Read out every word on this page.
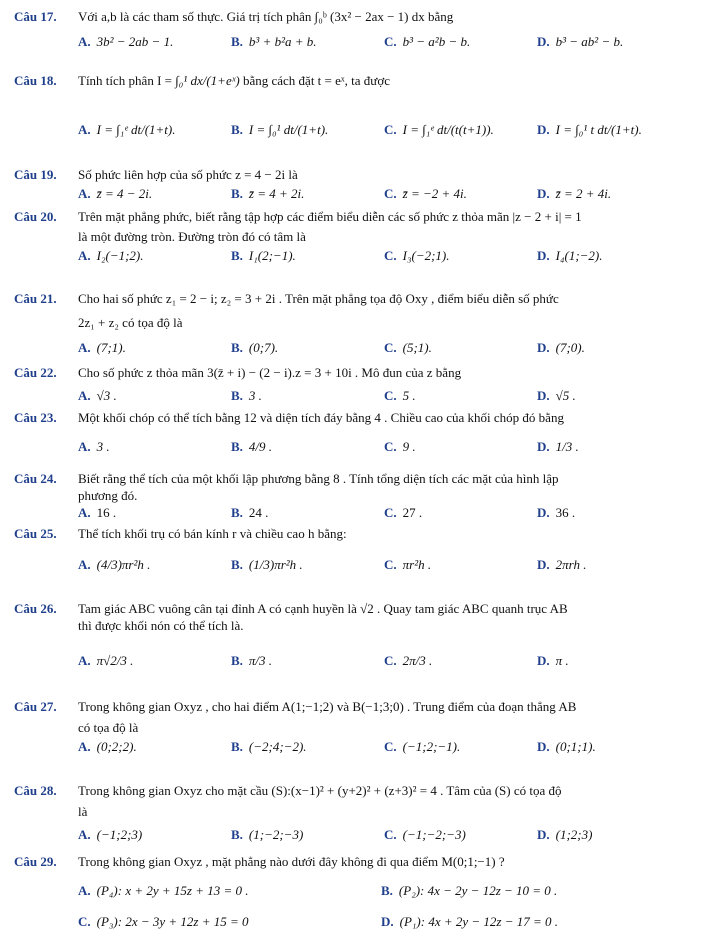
Câu 17.	Với a,b là các tham số thực. Giá trị tích phân ∫₀ᵇ (3x² − 2ax − 1) dx bằng
A. 3b² − 2ab − 1.	B. b³ + b²a + b.	C. b³ − a²b − b.	D. b³ − ab² − b.
Câu 18.	Tính tích phân I = ∫₀¹ dx/(1+eˣ) bằng cách đặt t = eˣ, ta được
A. I = ∫₁ᵉ dt/(1+t).	B. I = ∫₀¹ dt/(1+t).	C. I = ∫₁ᵉ dt/(t(t+1)).	D. I = ∫₀¹ t dt/(1+t).
Câu 19.	Số phức liên hợp của số phức z = 4 − 2i là
A. z̄ = 4 − 2i.	B. z̄ = 4 + 2i.	C. z̄ = −2 + 4i.	D. z̄ = 2 + 4i.
Câu 20.	Trên mặt phẳng phức, biết rằng tập hợp các điểm biểu diễn các số phức z thỏa mãn |z − 2 + i| = 1
là một đường tròn. Đường tròn đó có tâm là
A. I₂(−1;2).	B. I₁(2;−1).	C. I₃(−2;1).	D. I₄(1;−2).
Câu 21.	Cho hai số phức z₁ = 2 − i; z₂ = 3 + 2i . Trên mặt phẳng tọa độ Oxy , điểm biểu diễn số phức
2z₁ + z₂ có tọa độ là
A. (7;1).	B. (0;7).	C. (5;1).	D. (7;0).
Câu 22.	Cho số phức z thỏa mãn 3(z̄ + i) − (2 − i).z = 3 + 10i . Mô đun của z bằng
A. √3 .	B. 3 .	C. 5 .	D. √5 .
Câu 23.	Một khối chóp có thể tích bằng 12 và diện tích đáy bằng 4 . Chiều cao của khối chóp đó bằng
A. 3 .	B. 4/9 .	C. 9 .	D. 1/3 .
Câu 24.	Biết rằng thể tích của một khối lập phương bằng 8 . Tính tổng diện tích các mặt của hình lập
phương đó.
A. 16 .	B. 24 .	C. 27 .	D. 36 .
Câu 25.	Thể tích khối trụ có bán kính r và chiều cao h bằng:
A. (4/3)πr²h .	B. (1/3)πr²h .	C. πr²h .	D. 2πrh .
Câu 26.	Tam giác ABC vuông cân tại đỉnh A có cạnh huyền là √2 . Quay tam giác ABC quanh trục AB
thì được khối nón có thể tích là.
A. π√2/3 .	B. π/3 .	C. 2π/3 .	D. π .
Câu 27.	Trong không gian Oxyz , cho hai điểm A(1;−1;2) và B(−1;3;0) . Trung điểm của đoạn thẳng AB
có tọa độ là
A. (0;2;2).	B. (−2;4;−2).	C. (−1;2;−1).	D. (0;1;1).
Câu 28.	Trong không gian Oxyz cho mặt cầu (S):(x−1)² + (y+2)² + (z+3)² = 4 . Tâm của (S) có tọa độ
là
A. (−1;2;3)	B. (1;−2;−3)	C. (−1;−2;−3)	D. (1;2;3)
Câu 29.	Trong không gian Oxyz , mặt phẳng nào dưới đây không đi qua điểm M(0;1;−1) ?
A. (P₄): x + 2y + 15z + 13 = 0 .	B. (P₂): 4x − 2y − 12z − 10 = 0 .
C. (P₃): 2x − 3y + 12z + 15 = 0	D. (P₁): 4x + 2y − 12z − 17 = 0 .
